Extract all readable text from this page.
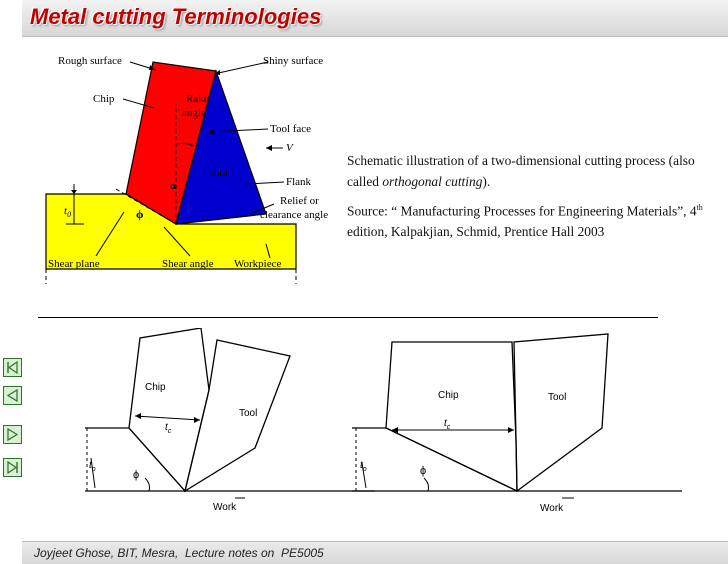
Metal cutting Terminologies
Rough surface	Shiny surface
Chip	Rake
angle
Tool face
V
Tool
Flank
Relief or
clearance angle
α
ϕ
$t_0$
Shear plane	Shear angle Workpiece

Schematic illustration of a two-dimensional cutting process (also called orthogonal cutting).

Source: “ Manufacturing Processes for Engineering Materials”, 4th edition, Kalpakjian, Schmid, Prentice Hall 2003

Chip
Tool
$t_c$
$t_o$	ϕ
Work
Chip	Tool
$t_c$
$t_o$	ϕ
Work
Joyjeet Ghose, BIT, Mesra,  Lecture notes on  PE5005
